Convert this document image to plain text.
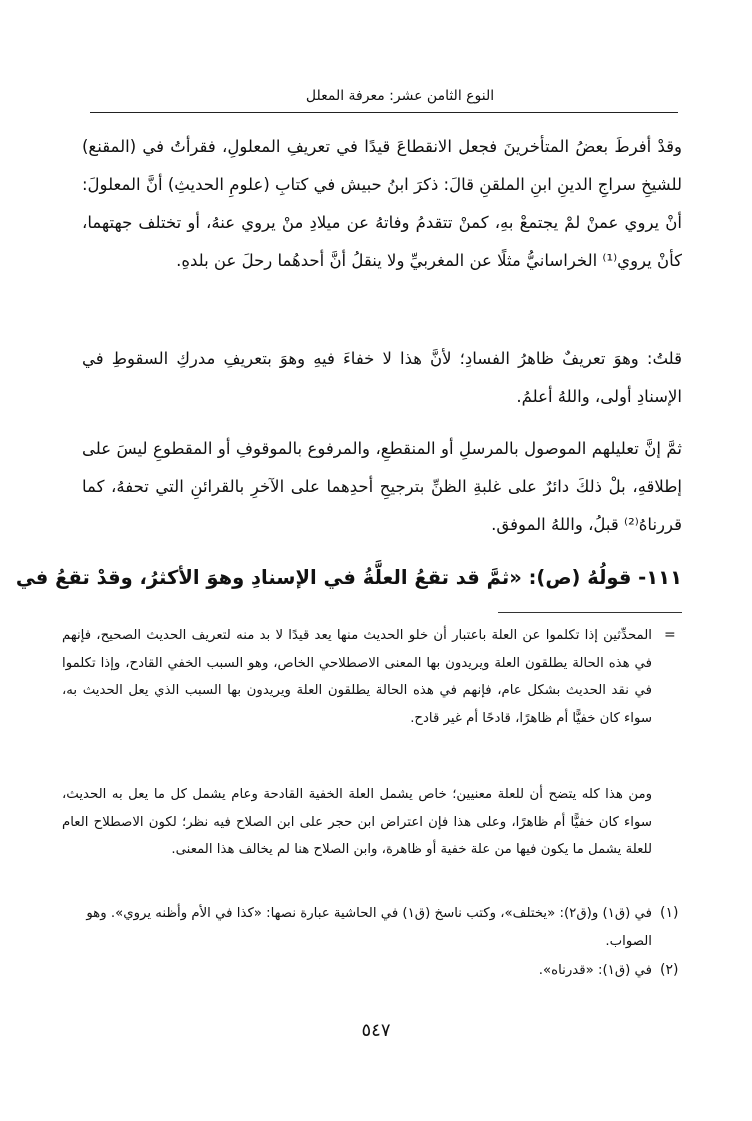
النوع الثامن عشر: معرفة المعلل
وقدْ أفرطَ بعضُ المتأخرينَ فجعل الانقطاعَ قيدًا في تعريفِ المعلولِ، فقرأتُ في (المقنع) للشيخِ سراجِ الدينِ ابنِ الملقنِ قالَ: ذكرَ ابنُ حبيش في كتابِ (علومِ الحديثِ) أنَّ المعلولَ: أنْ يروي عمنْ لمْ يجتمعْ بهِ، كمنْ تتقدمُ وفاتهُ عن ميلادِ منْ يروي عنهُ، أو تختلف جهتهما، كأنْ يروي⁽¹⁾ الخراسانيُّ مثلًا عن المغربيِّ ولا ينقلُ أنَّ أحدهُما رحلَ عن بلدهِ.
قلتُ: وهوَ تعريفٌ ظاهرُ الفسادِ؛ لأنَّ هذا لا خفاءَ فيهِ وهوَ بتعريفِ مدركِ السقوطِ في الإسنادِ أولى، واللهُ أعلمُ.
ثمَّ إنَّ تعليلهم الموصول بالمرسلِ أو المنقطعِ، والمرفوع بالموقوفِ أو المقطوعِ ليسَ على إطلاقهِ، بلْ ذلكَ دائرٌ على غلبةِ الظنِّ بترجيحِ أحدِهما على الآخرِ بالقرائنِ التي تحفهُ، كما قررناهُ⁽²⁾ قبلُ، واللهُ الموفق.
١١١- قولُهُ (ص): «ثمَّ قد تقعُ العلَّةُ في الإسنادِ وهوَ الأكثرُ، وقدْ تقعُ في
=
المحدِّثين إذا تكلموا عن العلة باعتبار أن خلو الحديث منها يعد قيدًا لا بد منه لتعريف الحديث الصحيح، فإنهم في هذه الحالة يطلقون العلة ويريدون بها المعنى الاصطلاحي الخاص، وهو السبب الخفي القادح، وإذا تكلموا في نقد الحديث بشكل عام، فإنهم في هذه الحالة يطلقون العلة ويريدون بها السبب الذي يعل الحديث به، سواء كان خفيًّا أم ظاهرًا، قادحًا أم غير قادح.
ومن هذا كله يتضح أن للعلة معنيين؛ خاص يشمل العلة الخفية القادحة وعام يشمل كل ما يعل به الحديث، سواء كان خفيًّا أم ظاهرًا، وعلى هذا فإن اعتراض ابن حجر على ابن الصلاح فيه نظر؛ لكون الاصطلاح العام للعلة يشمل ما يكون فيها من علة خفية أو ظاهرة، وابن الصلاح هنا لم يخالف هذا المعنى.
(١)
في (ق١) و(ق٢): «يختلف»، وكتب ناسخ (ق١) في الحاشية عبارة نصها: «كذا في الأم وأظنه يروي». وهو الصواب.
(٢)
في (ق١): «قدرناه».
٥٤٧
